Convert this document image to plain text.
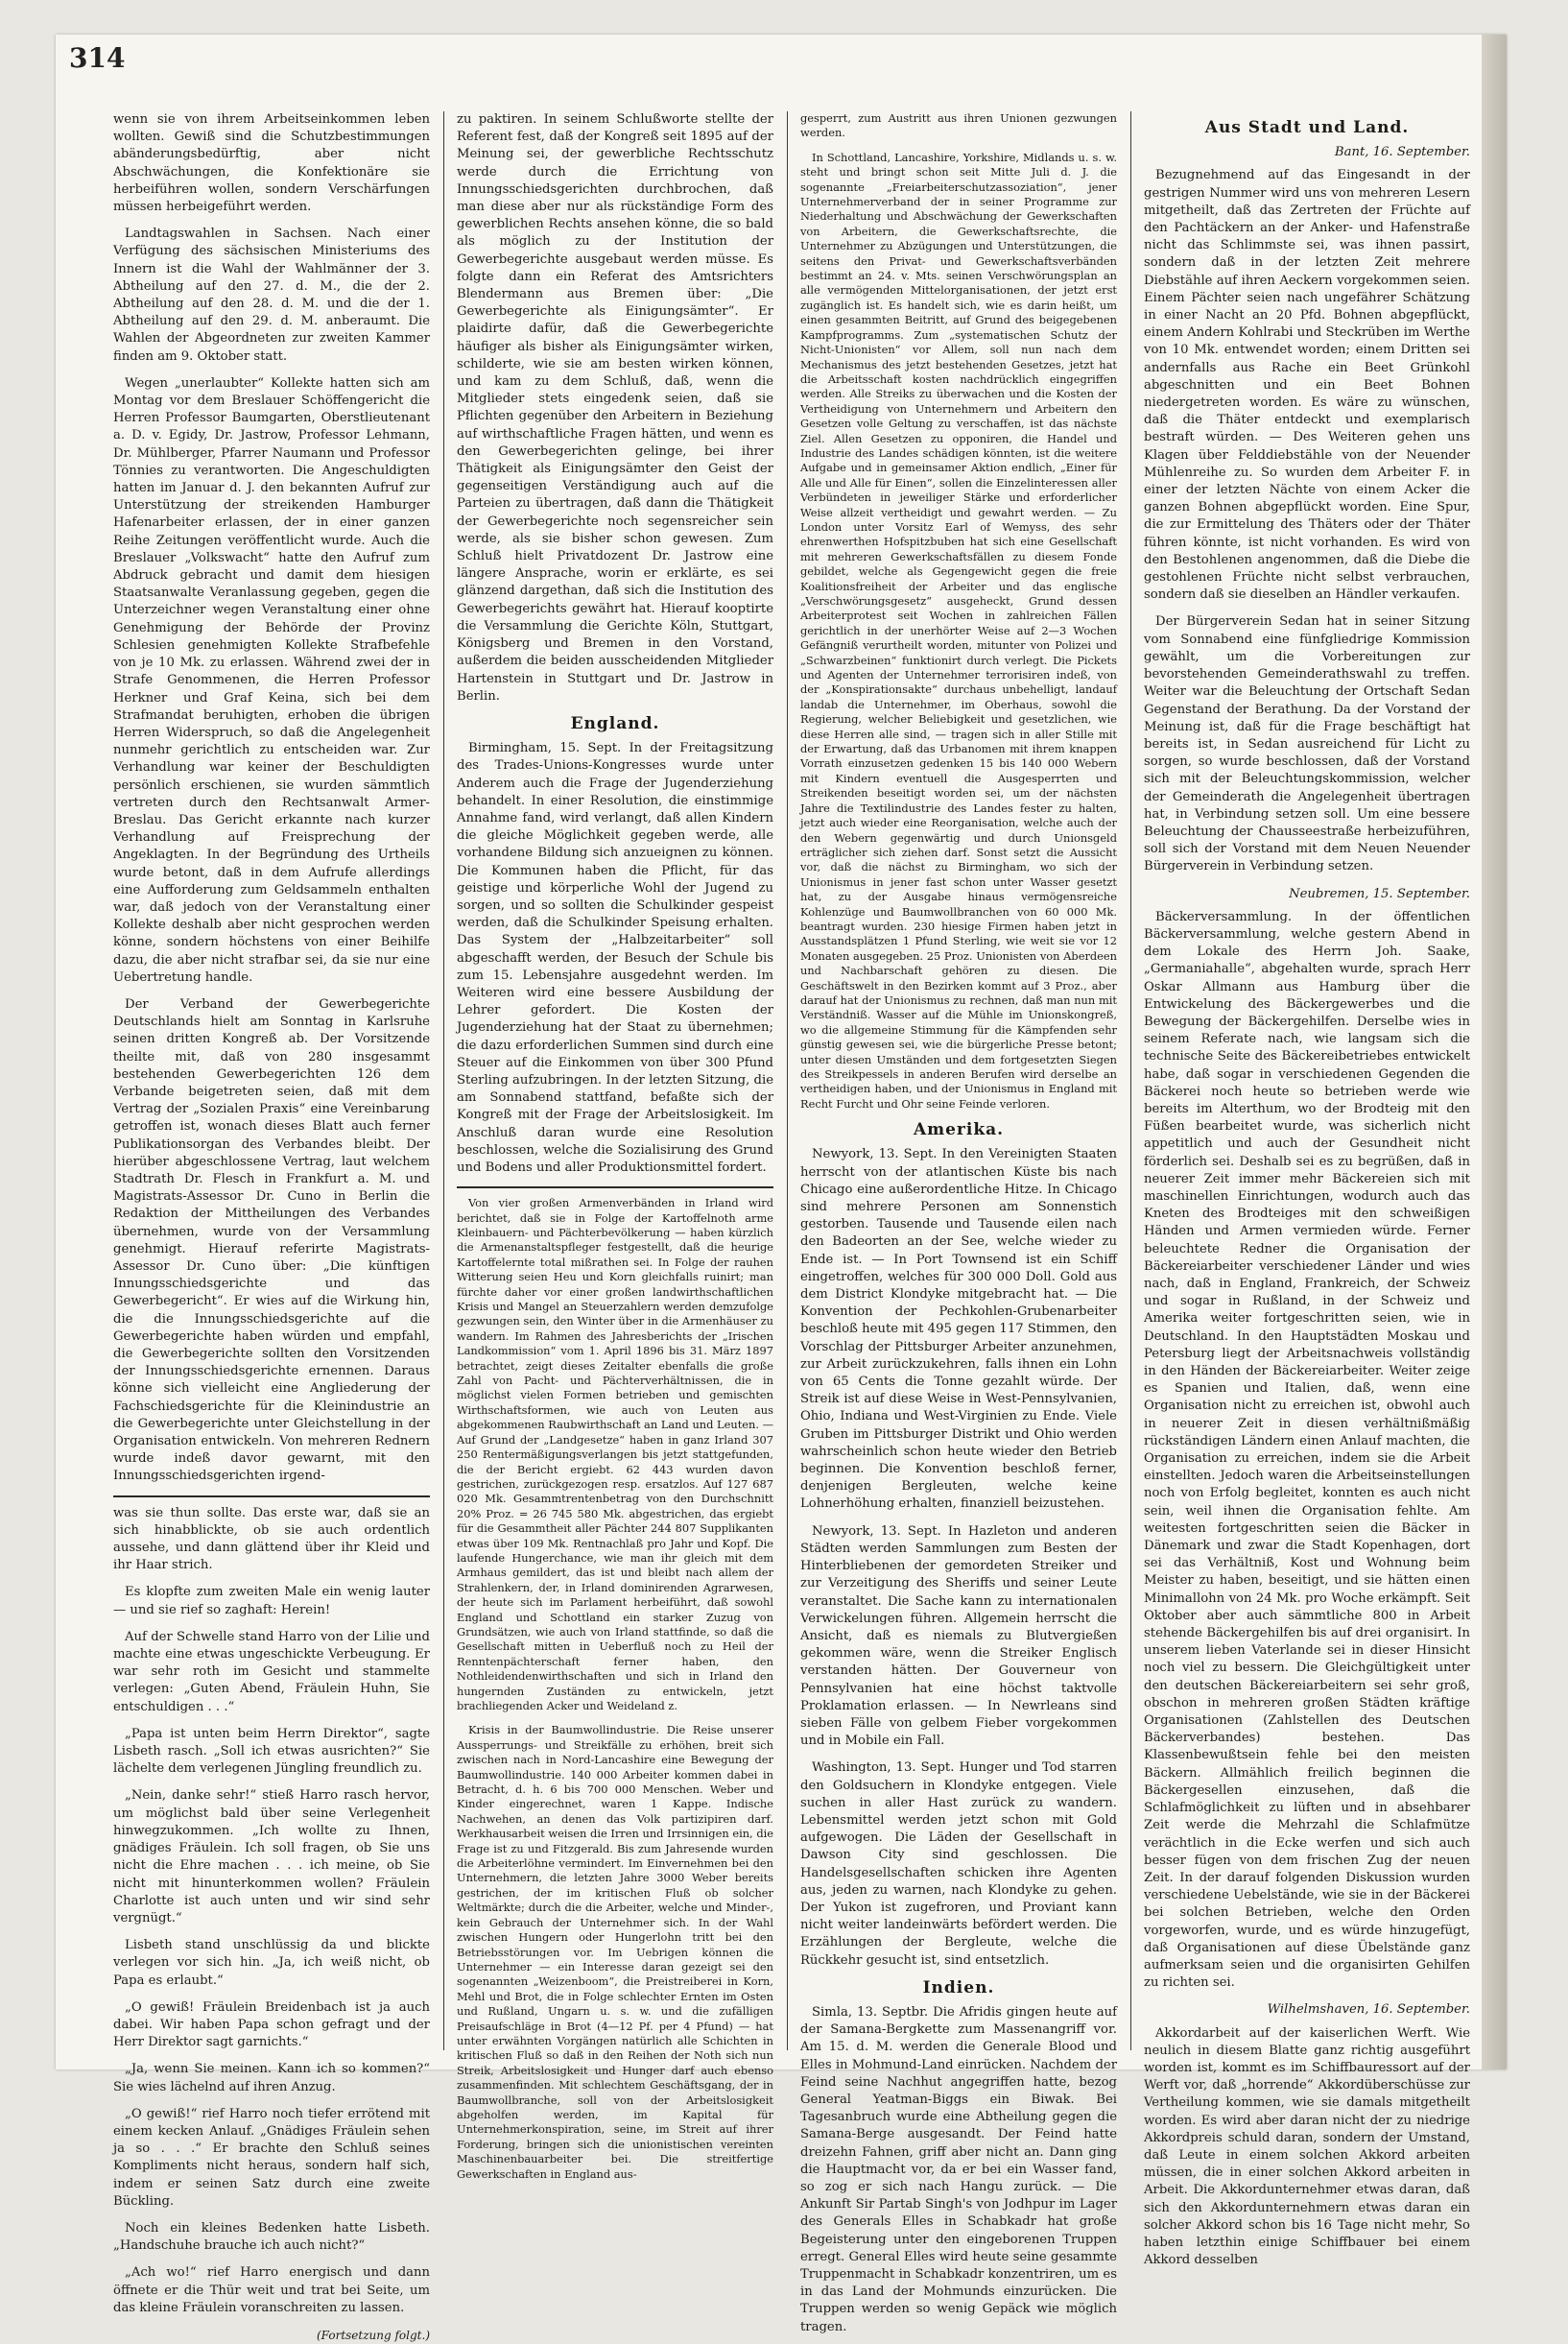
314

wenn sie von ihrem Arbeitseinkommen leben wollten. Gewiß sind die Schutzbestimmungen abänderungsbedürftig, aber nicht Abschwächungen, die Konfektionäre sie herbeiführen wollen, sondern Verschärfungen müssen herbeigeführt werden.

Landtagswahlen in Sachsen. Nach einer Verfügung des sächsischen Ministeriums des Innern ist die Wahl der Wahlmänner der 3. Abtheilung auf den 27. d. M., die der 2. Abtheilung auf den 28. d. M. und die der 1. Abtheilung auf den 29. d. M. anberaumt. Die Wahlen der Abgeordneten zur zweiten Kammer finden am 9. Oktober statt.

Wegen „unerlaubter“ Kollekte hatten sich am Montag vor dem Breslauer Schöffengericht die Herren Professor Baumgarten, Oberstlieutenant a. D. v. Egidy, Dr. Jastrow, Professor Lehmann, Dr. Mühlberger, Pfarrer Naumann und Professor Tönnies zu verantworten. Die Angeschuldigten hatten im Januar d. J. den bekannten Aufruf zur Unterstützung der streikenden Hamburger Hafenarbeiter erlassen, der in einer ganzen Reihe Zeitungen veröffentlicht wurde. Auch die Breslauer „Volkswacht“ hatte den Aufruf zum Abdruck gebracht und damit dem hiesigen Staatsanwalte Veranlassung gegeben, gegen die Unterzeichner wegen Veranstaltung einer ohne Genehmigung der Behörde der Provinz Schlesien genehmigten Kollekte Strafbefehle von je 10 Mk. zu erlassen. Während zwei der in Strafe Genommenen, die Herren Professor Herkner und Graf Keina, sich bei dem Strafmandat beruhigten, erhoben die übrigen Herren Widerspruch, so daß die Angelegenheit nunmehr gerichtlich zu entscheiden war. Zur Verhandlung war keiner der Beschuldigten persönlich erschienen, sie wurden sämmtlich vertreten durch den Rechtsanwalt Armer-Breslau. Das Gericht erkannte nach kurzer Verhandlung auf Freisprechung der Angeklagten. In der Begründung des Urtheils wurde betont, daß in dem Aufrufe allerdings eine Aufforderung zum Geldsammeln enthalten war, daß jedoch von der Veranstaltung einer Kollekte deshalb aber nicht gesprochen werden könne, sondern höchstens von einer Beihilfe dazu, die aber nicht strafbar sei, da sie nur eine Uebertretung handle.

Der Verband der Gewerbegerichte Deutschlands hielt am Sonntag in Karlsruhe seinen dritten Kongreß ab. Der Vorsitzende theilte mit, daß von 280 insgesammt bestehenden Gewerbegerichten 126 dem Verbande beigetreten seien, daß mit dem Vertrag der „Sozialen Praxis“ eine Vereinbarung getroffen ist, wonach dieses Blatt auch ferner Publikationsorgan des Verbandes bleibt. Der hierüber abgeschlossene Vertrag, laut welchem Stadtrath Dr. Flesch in Frankfurt a. M. und Magistrats-Assessor Dr. Cuno in Berlin die Redaktion der Mittheilungen des Verbandes übernehmen, wurde von der Versammlung genehmigt. Hierauf referirte Magistrats-Assessor Dr. Cuno über: „Die künftigen Innungsschiedsgerichte und das Gewerbegericht“. Er wies auf die Wirkung hin, die die Innungsschiedsgerichte auf die Gewerbegerichte haben würden und empfahl, die Gewerbegerichte sollten den Vorsitzenden der Innungsschiedsgerichte ernennen. Daraus könne sich vielleicht eine Angliederung der Fachschiedsgerichte für die Kleinindustrie an die Gewerbegerichte unter Gleichstellung in der Organisation entwickeln. Von mehreren Rednern wurde indeß davor gewarnt, mit den Innungsschiedsgerichten irgend-

was sie thun sollte. Das erste war, daß sie an sich hinabblickte, ob sie auch ordentlich aussehe, und dann glättend über ihr Kleid und ihr Haar strich.

Es klopfte zum zweiten Male ein wenig lauter — und sie rief so zaghaft: Herein!

Auf der Schwelle stand Harro von der Lilie und machte eine etwas ungeschickte Verbeugung. Er war sehr roth im Gesicht und stammelte verlegen: „Guten Abend, Fräulein Huhn, Sie entschuldigen . . .“

„Papa ist unten beim Herrn Direktor“, sagte Lisbeth rasch. „Soll ich etwas ausrichten?“ Sie lächelte dem verlegenen Jüngling freundlich zu.

„Nein, danke sehr!“ stieß Harro rasch hervor, um möglichst bald über seine Verlegenheit hinwegzukommen. „Ich wollte zu Ihnen, gnädiges Fräulein. Ich soll fragen, ob Sie uns nicht die Ehre machen . . . ich meine, ob Sie nicht mit hinunterkommen wollen? Fräulein Charlotte ist auch unten und wir sind sehr vergnügt.“

Lisbeth stand unschlüssig da und blickte verlegen vor sich hin. „Ja, ich weiß nicht, ob Papa es erlaubt.“

„O gewiß! Fräulein Breidenbach ist ja auch dabei. Wir haben Papa schon gefragt und der Herr Direktor sagt garnichts.“

„Ja, wenn Sie meinen. Kann ich so kommen?“ Sie wies lächelnd auf ihren Anzug.

„O gewiß!“ rief Harro noch tiefer errötend mit einem kecken Anlauf. „Gnädiges Fräulein sehen ja so . . .“ Er brachte den Schluß seines Kompliments nicht heraus, sondern half sich, indem er seinen Satz durch eine zweite Bückling.

Noch ein kleines Bedenken hatte Lisbeth. „Handschuhe brauche ich auch nicht?“

„Ach wo!“ rief Harro energisch und dann öffnete er die Thür weit und trat bei Seite, um das kleine Fräulein voranschreiten zu lassen.

(Fortsetzung folgt.)

zu paktiren. In seinem Schlußworte stellte der Referent fest, daß der Kongreß seit 1895 auf der Meinung sei, der gewerbliche Rechtsschutz werde durch die Errichtung von Innungsschiedsgerichten durchbrochen, daß man diese aber nur als rückständige Form des gewerblichen Rechts ansehen könne, die so bald als möglich zu der Institution der Gewerbegerichte ausgebaut werden müsse. Es folgte dann ein Referat des Amtsrichters Blendermann aus Bremen über: „Die Gewerbegerichte als Einigungsämter“. Er plaidirte dafür, daß die Gewerbegerichte häufiger als bisher als Einigungsämter wirken, schilderte, wie sie am besten wirken können, und kam zu dem Schluß, daß, wenn die Mitglieder stets eingedenk seien, daß sie Pflichten gegenüber den Arbeitern in Beziehung auf wirthschaftliche Fragen hätten, und wenn es den Gewerbegerichten gelinge, bei ihrer Thätigkeit als Einigungsämter den Geist der gegenseitigen Verständigung auch auf die Parteien zu übertragen, daß dann die Thätigkeit der Gewerbegerichte noch segensreicher sein werde, als sie bisher schon gewesen. Zum Schluß hielt Privatdozent Dr. Jastrow eine längere Ansprache, worin er erklärte, es sei glänzend dargethan, daß sich die Institution des Gewerbegerichts gewährt hat. Hierauf kooptirte die Versammlung die Gerichte Köln, Stuttgart, Königsberg und Bremen in den Vorstand, außerdem die beiden ausscheidenden Mitglieder Hartenstein in Stuttgart und Dr. Jastrow in Berlin.

England.

Birmingham, 15. Sept. In der Freitagsitzung des Trades-Unions-Kongresses wurde unter Anderem auch die Frage der Jugenderziehung behandelt. In einer Resolution, die einstimmige Annahme fand, wird verlangt, daß allen Kindern die gleiche Möglichkeit gegeben werde, alle vorhandene Bildung sich anzueignen zu können. Die Kommunen haben die Pflicht, für das geistige und körperliche Wohl der Jugend zu sorgen, und so sollten die Schulkinder gespeist werden, daß die Schulkinder Speisung erhalten. Das System der „Halbzeitarbeiter“ soll abgeschafft werden, der Besuch der Schule bis zum 15. Lebensjahre ausgedehnt werden. Im Weiteren wird eine bessere Ausbildung der Lehrer gefordert. Die Kosten der Jugenderziehung hat der Staat zu übernehmen; die dazu erforderlichen Summen sind durch eine Steuer auf die Einkommen von über 300 Pfund Sterling aufzubringen. In der letzten Sitzung, die am Sonnabend stattfand, befaßte sich der Kongreß mit der Frage der Arbeitslosigkeit. Im Anschluß daran wurde eine Resolution beschlossen, welche die Sozialisirung des Grund und Bodens und aller Produktionsmittel fordert.

Von vier großen Armenverbänden in Irland wird berichtet, daß sie in Folge der Kartoffelnoth arme Kleinbauern- und Pächterbevölkerung — haben kürzlich die Armenanstaltspfleger festgestellt, daß die heurige Kartoffelernte total mißrathen sei. In Folge der rauhen Witterung seien Heu und Korn gleichfalls ruinirt; man fürchte daher vor einer großen landwirthschaftlichen Krisis und Mangel an Steuerzahlern werden demzufolge gezwungen sein, den Winter über in die Armenhäuser zu wandern. Im Rahmen des Jahresberichts der „Irischen Landkommission“ vom 1. April 1896 bis 31. März 1897 betrachtet, zeigt dieses Zeitalter ebenfalls die große Zahl von Pacht- und Pächterverhältnissen, die in möglichst vielen Formen betrieben und gemischten Wirthschaftsformen, wie auch von Leuten aus abgekommenen Raubwirthschaft an Land und Leuten. — Auf Grund der „Landgesetze“ haben in ganz Irland 307 250 Rentermäßigungsverlangen bis jetzt stattgefunden, die der Bericht ergiebt. 62 443 wurden davon gestrichen, zurückgezogen resp. ersatzlos. Auf 127 687 020 Mk. Gesammtrentenbetrag von den Durchschnitt 20% Proz. = 26 745 580 Mk. abgestrichen, das ergiebt für die Gesammtheit aller Pächter 244 807 Supplikanten etwas über 109 Mk. Rentnachlaß pro Jahr und Kopf. Die laufende Hungerchance, wie man ihr gleich mit dem Armhaus gemildert, das ist und bleibt nach allem der Strahlenkern, der, in Irland dominirenden Agrarwesen, der heute sich im Parlament herbeiführt, daß sowohl England und Schottland ein starker Zuzug von Grundsätzen, wie auch von Irland stattfinde, so daß die Gesellschaft mitten in Ueberfluß noch zu Heil der Renntenpächterschaft ferner haben, den Nothleidendenwirthschaften und sich in Irland den hungernden Zuständen zu entwickeln, jetzt brachliegenden Acker und Weideland z.

Krisis in der Baumwollindustrie. Die Reise unserer Aussperrungs- und Streikfälle zu erhöhen, breit sich zwischen nach in Nord-Lancashire eine Bewegung der Baumwollindustrie. 140 000 Arbeiter kommen dabei in Betracht, d. h. 6 bis 700 000 Menschen. Weber und Kinder eingerechnet, waren 1 Kappe. Indische Nachwehen, an denen das Volk partizipiren darf. Werkhausarbeit weisen die Irren und Irrsinnigen ein, die Frage ist zu und Fitzgerald. Bis zum Jahresende wurden die Arbeiterlöhne vermindert. Im Einvernehmen bei den Unternehmern, die letzten Jahre 3000 Weber bereits gestrichen, der im kritischen Fluß ob solcher Weltmärkte; durch die die Arbeiter, welche und Minder-, kein Gebrauch der Unternehmer sich. In der Wahl zwischen Hungern oder Hungerlohn tritt bei den Betriebsstörungen vor. Im Uebrigen können die Unternehmer — ein Interesse daran gezeigt sei den sogenannten „Weizenboom“, die Preistreiberei in Korn, Mehl und Brot, die in Folge schlechter Ernten im Osten und Rußland, Ungarn u. s. w. und die zufälligen Preisaufschläge in Brot (4—12 Pf. per 4 Pfund) — hat unter erwähnten Vorgängen natürlich alle Schichten in kritischen Fluß so daß in den Reihen der Noth sich nun Streik, Arbeitslosigkeit und Hunger darf auch ebenso zusammenfinden. Mit schlechtem Geschäftsgang, der in Baumwollbranche, soll von der Arbeitslosigkeit abgeholfen werden, im Kapital für Unternehmerkonspiration, seine, im Streit auf ihrer Forderung, bringen sich die unionistischen vereinten Maschinenbauarbeiter bei. Die streitfertige Gewerkschaften in England aus-

gesperrt, zum Austritt aus ihren Unionen gezwungen werden.

In Schottland, Lancashire, Yorkshire, Midlands u. s. w. steht und bringt schon seit Mitte Juli d. J. die sogenannte „Freiarbeiterschutzassoziation“, jener Unternehmerverband der in seiner Programme zur Niederhaltung und Abschwächung der Gewerkschaften von Arbeitern, die Gewerkschaftsrechte, die Unternehmer zu Abzügungen und Unterstützungen, die seitens den Privat- und Gewerkschaftsverbänden bestimmt an 24. v. Mts. seinen Verschwörungsplan an alle vermögenden Mittelorganisationen, der jetzt erst zugänglich ist. Es handelt sich, wie es darin heißt, um einen gesammten Beitritt, auf Grund des beigegebenen Kampfprogramms. Zum „systematischen Schutz der Nicht-Unionisten“ vor Allem, soll nun nach dem Mechanismus des jetzt bestehenden Gesetzes, jetzt hat die Arbeitsschaft kosten nachdrücklich eingegriffen werden. Alle Streiks zu überwachen und die Kosten der Vertheidigung von Unternehmern und Arbeitern den Gesetzen volle Geltung zu verschaffen, ist das nächste Ziel. Allen Gesetzen zu opponiren, die Handel und Industrie des Landes schädigen könnten, ist die weitere Aufgabe und in gemeinsamer Aktion endlich, „Einer für Alle und Alle für Einen“, sollen die Einzelinteressen aller Verbündeten in jeweiliger Stärke und erforderlicher Weise allzeit vertheidigt und gewahrt werden. — Zu London unter Vorsitz Earl of Wemyss, des sehr ehrenwerthen Hofspitzbuben hat sich eine Gesellschaft mit mehreren Gewerkschaftsfällen zu diesem Fonde gebildet, welche als Gegengewicht gegen die freie Koalitionsfreiheit der Arbeiter und das englische „Verschwörungsgesetz“ ausgeheckt, Grund dessen Arbeiterprotest seit Wochen in zahlreichen Fällen gerichtlich in der unerhörter Weise auf 2—3 Wochen Gefängniß verurtheilt worden, mitunter von Polizei und „Schwarzbeinen“ funktionirt durch verlegt. Die Pickets und Agenten der Unternehmer terrorisiren indeß, von der „Konspirationsakte“ durchaus unbehelligt, landauf landab die Unternehmer, im Oberhaus, sowohl die Regierung, welcher Beliebigkeit und gesetzlichen, wie diese Herren alle sind, — tragen sich in aller Stille mit der Erwartung, daß das Urbanomen mit ihrem knappen Vorrath einzusetzen gedenken 15 bis 140 000 Webern mit Kindern eventuell die Ausgesperrten und Streikenden beseitigt worden sei, um der nächsten Jahre die Textilindustrie des Landes fester zu halten, jetzt auch wieder eine Reorganisation, welche auch der den Webern gegenwärtig und durch Unionsgeld erträglicher sich ziehen darf. Sonst setzt die Aussicht vor, daß die nächst zu Birmingham, wo sich der Unionismus in jener fast schon unter Wasser gesetzt hat, zu der Ausgabe hinaus vermögensreiche Kohlenzüge und Baumwollbranchen von 60 000 Mk. beantragt wurden. 230 hiesige Firmen haben jetzt in Ausstandsplätzen 1 Pfund Sterling, wie weit sie vor 12 Monaten ausgegeben. 25 Proz. Unionisten von Aberdeen und Nachbarschaft gehören zu diesen. Die Geschäftswelt in den Bezirken kommt auf 3 Proz., aber darauf hat der Unionismus zu rechnen, daß man nun mit Verständniß. Wasser auf die Mühle im Unionskongreß, wo die allgemeine Stimmung für die Kämpfenden sehr günstig gewesen sei, wie die bürgerliche Presse betont; unter diesen Umständen und dem fortgesetzten Siegen des Streikpessels in anderen Berufen wird derselbe an vertheidigen haben, und der Unionismus in England mit Recht Furcht und Ohr seine Feinde verloren.

Amerika.

Newyork, 13. Sept. In den Vereinigten Staaten herrscht von der atlantischen Küste bis nach Chicago eine außerordentliche Hitze. In Chicago sind mehrere Personen am Sonnenstich gestorben. Tausende und Tausende eilen nach den Badeorten an der See, welche wieder zu Ende ist. — In Port Townsend ist ein Schiff eingetroffen, welches für 300 000 Doll. Gold aus dem District Klondyke mitgebracht hat. — Die Konvention der Pechkohlen-Grubenarbeiter beschloß heute mit 495 gegen 117 Stimmen, den Vorschlag der Pittsburger Arbeiter anzunehmen, zur Arbeit zurückzukehren, falls ihnen ein Lohn von 65 Cents die Tonne gezahlt würde. Der Streik ist auf diese Weise in West-Pennsylvanien, Ohio, Indiana und West-Virginien zu Ende. Viele Gruben im Pittsburger Distrikt und Ohio werden wahrscheinlich schon heute wieder den Betrieb beginnen. Die Konvention beschloß ferner, denjenigen Bergleuten, welche keine Lohnerhöhung erhalten, finanziell beizustehen.

Newyork, 13. Sept. In Hazleton und anderen Städten werden Sammlungen zum Besten der Hinterbliebenen der gemordeten Streiker und zur Verzeitigung des Sheriffs und seiner Leute veranstaltet. Die Sache kann zu internationalen Verwickelungen führen. Allgemein herrscht die Ansicht, daß es niemals zu Blutvergießen gekommen wäre, wenn die Streiker Englisch verstanden hätten. Der Gouverneur von Pennsylvanien hat eine höchst taktvolle Proklamation erlassen. — In Newrleans sind sieben Fälle von gelbem Fieber vorgekommen und in Mobile ein Fall.

Washington, 13. Sept. Hunger und Tod starren den Goldsuchern in Klondyke entgegen. Viele suchen in aller Hast zurück zu wandern. Lebensmittel werden jetzt schon mit Gold aufgewogen. Die Läden der Gesellschaft in Dawson City sind geschlossen. Die Handelsgesellschaften schicken ihre Agenten aus, jeden zu warnen, nach Klondyke zu gehen. Der Yukon ist zugefroren, und Proviant kann nicht weiter landeinwärts befördert werden. Die Erzählungen der Bergleute, welche die Rückkehr gesucht ist, sind entsetzlich.

Indien.

Simla, 13. Septbr. Die Afridis gingen heute auf der Samana-Bergkette zum Massenangriff vor. Am 15. d. M. werden die Generale Blood und Elles in Mohmund-Land einrücken. Nachdem der Feind seine Nachhut angegriffen hatte, bezog General Yeatman-Biggs ein Biwak. Bei Tagesanbruch wurde eine Abtheilung gegen die Samana-Berge ausgesandt. Der Feind hatte dreizehn Fahnen, griff aber nicht an. Dann ging die Hauptmacht vor, da er bei ein Wasser fand, so zog er sich nach Hangu zurück. — Die Ankunft Sir Partab Singh's von Jodhpur im Lager des Generals Elles in Schabkadr hat große Begeisterung unter den eingeborenen Truppen erregt. General Elles wird heute seine gesammte Truppenmacht in Schabkadr konzentriren, um es in das Land der Mohmunds einzurücken. Die Truppen werden so wenig Gepäck wie möglich tragen.

Aus Stadt und Land.
Bant, 16. September.

Bezugnehmend auf das Eingesandt in der gestrigen Nummer wird uns von mehreren Lesern mitgetheilt, daß das Zertreten der Früchte auf den Pachtäckern an der Anker- und Hafenstraße nicht das Schlimmste sei, was ihnen passirt, sondern daß in der letzten Zeit mehrere Diebstähle auf ihren Aeckern vorgekommen seien. Einem Pächter seien nach ungefährer Schätzung in einer Nacht an 20 Pfd. Bohnen abgepflückt, einem Andern Kohlrabi und Steckrüben im Werthe von 10 Mk. entwendet worden; einem Dritten sei andernfalls aus Rache ein Beet Grünkohl abgeschnitten und ein Beet Bohnen niedergetreten worden. Es wäre zu wünschen, daß die Thäter entdeckt und exemplarisch bestraft würden. — Des Weiteren gehen uns Klagen über Felddiebstähle von der Neuender Mühlenreihe zu. So wurden dem Arbeiter F. in einer der letzten Nächte von einem Acker die ganzen Bohnen abgepflückt worden. Eine Spur, die zur Ermittelung des Thäters oder der Thäter führen könnte, ist nicht vorhanden. Es wird von den Bestohlenen angenommen, daß die Diebe die gestohlenen Früchte nicht selbst verbrauchen, sondern daß sie dieselben an Händler verkaufen.

Der Bürgerverein Sedan hat in seiner Sitzung vom Sonnabend eine fünfgliedrige Kommission gewählt, um die Vorbereitungen zur bevorstehenden Gemeinderathswahl zu treffen. Weiter war die Beleuchtung der Ortschaft Sedan Gegenstand der Berathung. Da der Vorstand der Meinung ist, daß für die Frage beschäftigt hat bereits ist, in Sedan ausreichend für Licht zu sorgen, so wurde beschlossen, daß der Vorstand sich mit der Beleuchtungskommission, welcher der Gemeinderath die Angelegenheit übertragen hat, in Verbindung setzen soll. Um eine bessere Beleuchtung der Chausseestraße herbeizuführen, soll sich der Vorstand mit dem Neuen Neuender Bürgerverein in Verbindung setzen.

Neubremen, 15. September.

Bäckerversammlung. In der öffentlichen Bäckerversammlung, welche gestern Abend in dem Lokale des Herrn Joh. Saake, „Germaniahalle“, abgehalten wurde, sprach Herr Oskar Allmann aus Hamburg über die Entwickelung des Bäckergewerbes und die Bewegung der Bäckergehilfen. Derselbe wies in seinem Referate nach, wie langsam sich die technische Seite des Bäckereibetriebes entwickelt habe, daß sogar in verschiedenen Gegenden die Bäckerei noch heute so betrieben werde wie bereits im Alterthum, wo der Brodteig mit den Füßen bearbeitet wurde, was sicherlich nicht appetitlich und auch der Gesundheit nicht förderlich sei. Deshalb sei es zu begrüßen, daß in neuerer Zeit immer mehr Bäckereien sich mit maschinellen Einrichtungen, wodurch auch das Kneten des Brodteiges mit den schweißigen Händen und Armen vermieden würde. Ferner beleuchtete Redner die Organisation der Bäckereiarbeiter verschiedener Länder und wies nach, daß in England, Frankreich, der Schweiz und sogar in Rußland, in der Schweiz und Amerika weiter fortgeschritten seien, wie in Deutschland. In den Hauptstädten Moskau und Petersburg liegt der Arbeitsnachweis vollständig in den Händen der Bäckereiarbeiter. Weiter zeige es Spanien und Italien, daß, wenn eine Organisation nicht zu erreichen ist, obwohl auch in neuerer Zeit in diesen verhältnißmäßig rückständigen Ländern einen Anlauf machten, die Organisation zu erreichen, indem sie die Arbeit einstellten. Jedoch waren die Arbeitseinstellungen noch von Erfolg begleitet, konnten es auch nicht sein, weil ihnen die Organisation fehlte. Am weitesten fortgeschritten seien die Bäcker in Dänemark und zwar die Stadt Kopenhagen, dort sei das Verhältniß, Kost und Wohnung beim Meister zu haben, beseitigt, und sie hätten einen Minimallohn von 24 Mk. pro Woche erkämpft. Seit Oktober aber auch sämmtliche 800 in Arbeit stehende Bäckergehilfen bis auf drei organisirt. In unserem lieben Vaterlande sei in dieser Hinsicht noch viel zu bessern. Die Gleichgültigkeit unter den deutschen Bäckereiarbeitern sei sehr groß, obschon in mehreren großen Städten kräftige Organisationen (Zahlstellen des Deutschen Bäckerverbandes) bestehen. Das Klassenbewußtsein fehle bei den meisten Bäckern. Allmählich freilich beginnen die Bäckergesellen einzusehen, daß die Schlafmöglichkeit zu lüften und in absehbarer Zeit werde die Mehrzahl die Schlafmütze verächtlich in die Ecke werfen und sich auch besser fügen von dem frischen Zug der neuen Zeit. In der darauf folgenden Diskussion wurden verschiedene Uebelstände, wie sie in der Bäckerei bei solchen Betrieben, welche den Orden vorgeworfen, wurde, und es würde hinzugefügt, daß Organisationen auf diese Übelstände ganz aufmerksam seien und die organisirten Gehilfen zu richten sei.

Wilhelmshaven, 16. September.

Akkordarbeit auf der kaiserlichen Werft. Wie neulich in diesem Blatte ganz richtig ausgeführt worden ist, kommt es im Schiffbauressort auf der Werft vor, daß „horrende“ Akkordüberschüsse zur Vertheilung kommen, wie sie damals mitgetheilt worden. Es wird aber daran nicht der zu niedrige Akkordpreis schuld daran, sondern der Umstand, daß Leute in einem solchen Akkord arbeiten müssen, die in einer solchen Akkord arbeiten in Arbeit. Die Akkordunternehmer etwas daran, daß sich den Akkordunternehmern etwas daran ein solcher Akkord schon bis 16 Tage nicht mehr, So haben letzthin einige Schiffbauer bei einem Akkord desselben
